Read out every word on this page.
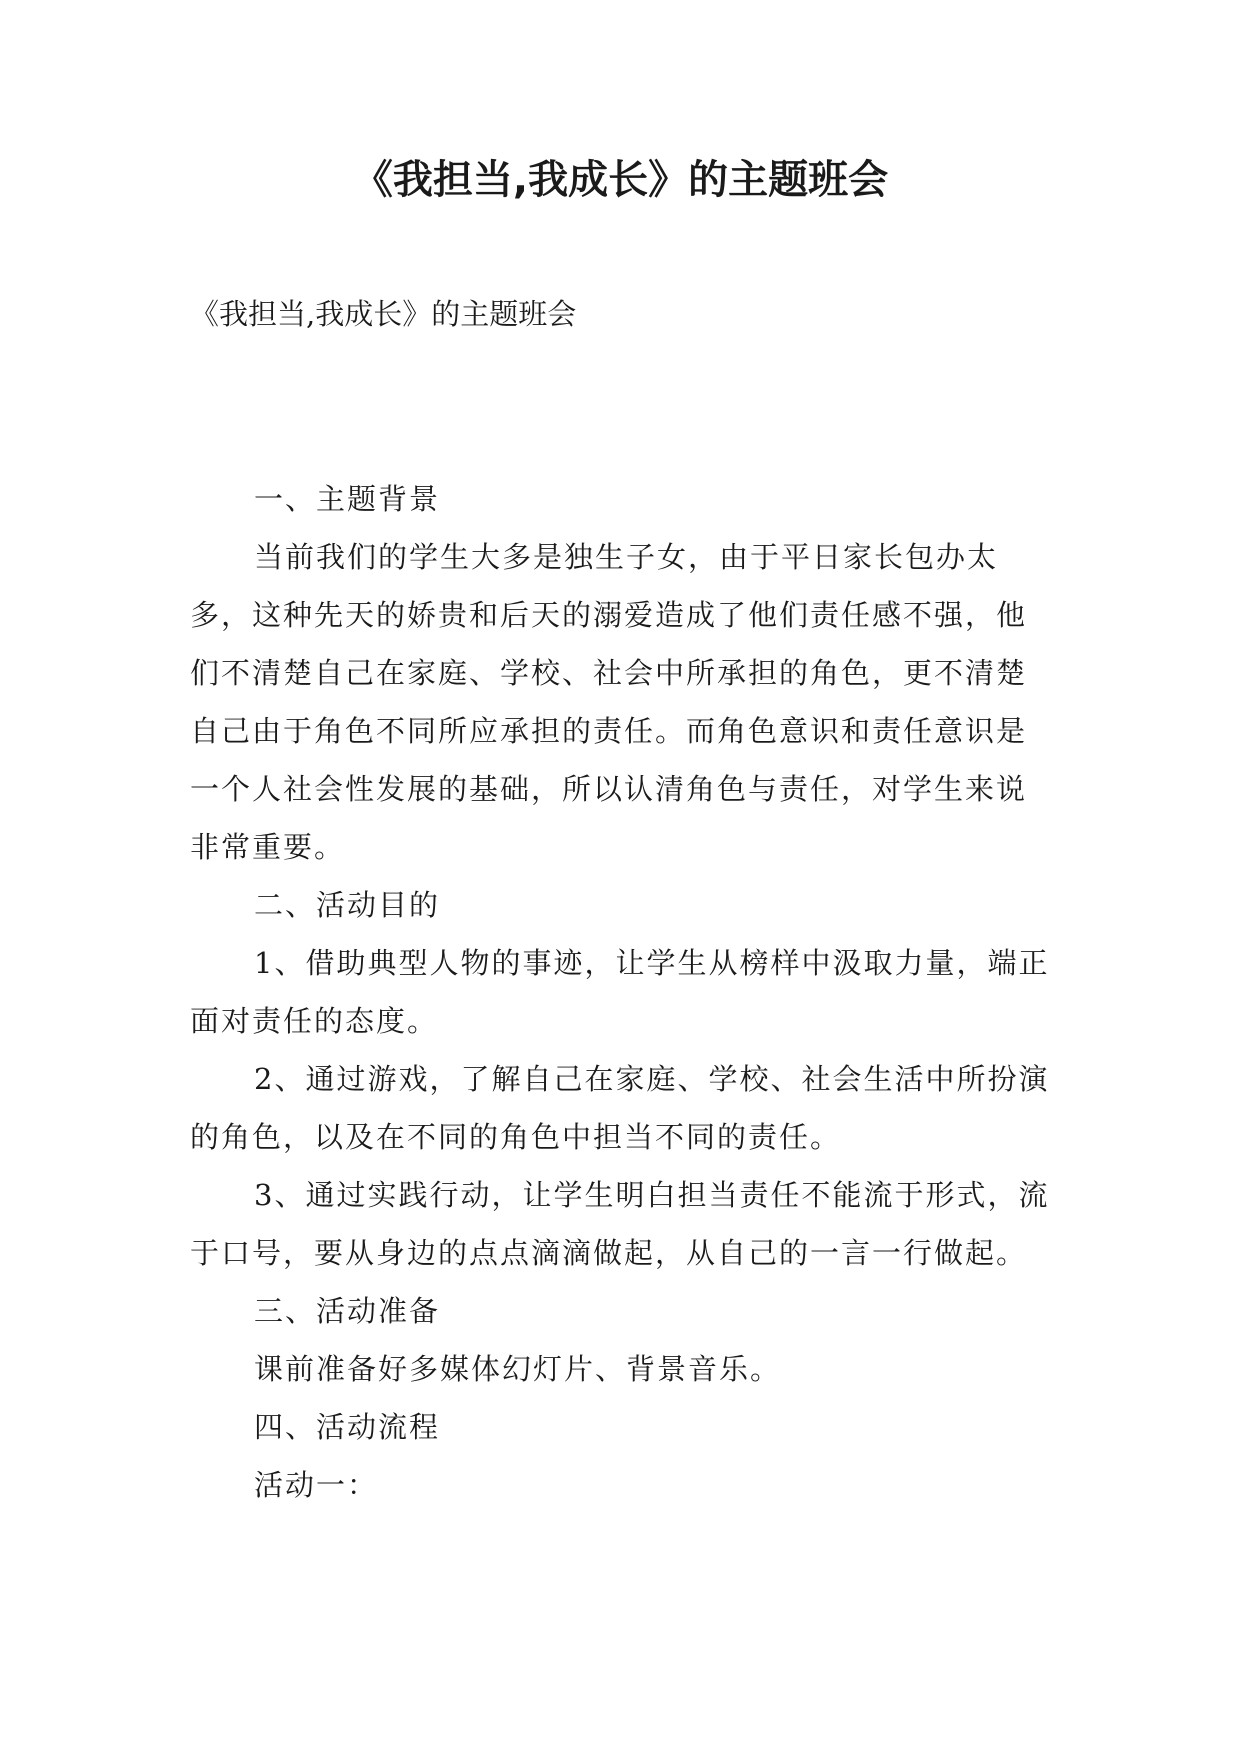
《我担当,我成长》的主题班会

《我担当,我成长》的主题班会

一、主题背景

当前我们的学生大多是独生子女，由于平日家长包办太多，这种先天的娇贵和后天的溺爱造成了他们责任感不强，他们不清楚自己在家庭、学校、社会中所承担的角色，更不清楚自己由于角色不同所应承担的责任。而角色意识和责任意识是一个人社会性发展的基础，所以认清角色与责任，对学生来说非常重要。

二、活动目的

1、借助典型人物的事迹，让学生从榜样中汲取力量，端正面对责任的态度。

2、通过游戏，了解自己在家庭、学校、社会生活中所扮演的角色，以及在不同的角色中担当不同的责任。

3、通过实践行动，让学生明白担当责任不能流于形式，流于口号，要从身边的点点滴滴做起，从自己的一言一行做起。

三、活动准备

课前准备好多媒体幻灯片、背景音乐。

四、活动流程

活动一：
